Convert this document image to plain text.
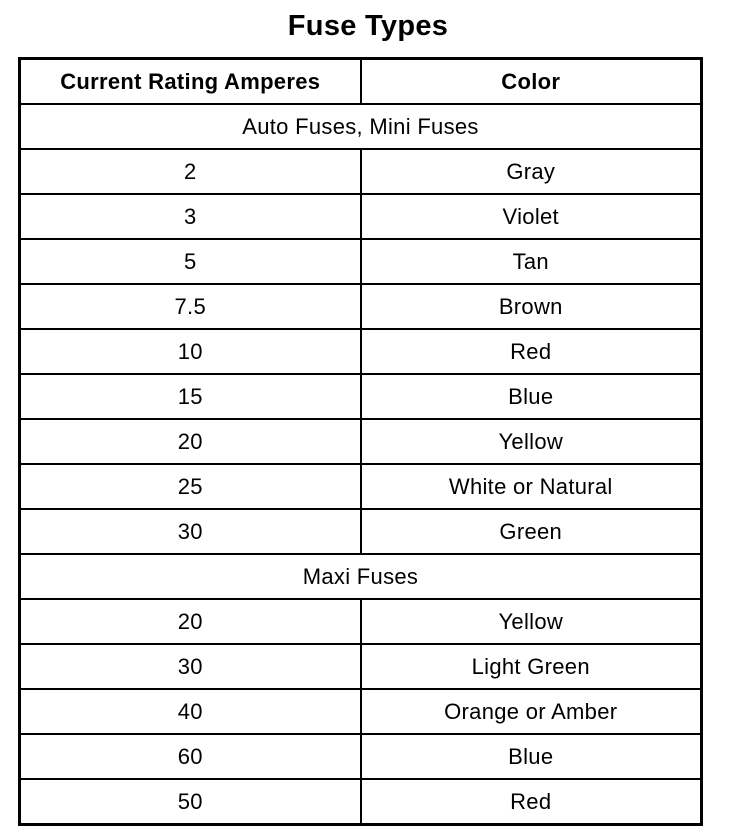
Fuse Types
Current Rating Amperes	Color
Auto Fuses, Mini Fuses	
2	Gray
3	Violet
5	Tan
7.5	Brown
10	Red
15	Blue
20	Yellow
25	White or Natural
30	Green
Maxi Fuses	
20	Yellow
30	Light Green
40	Orange or Amber
60	Blue
50	Red
